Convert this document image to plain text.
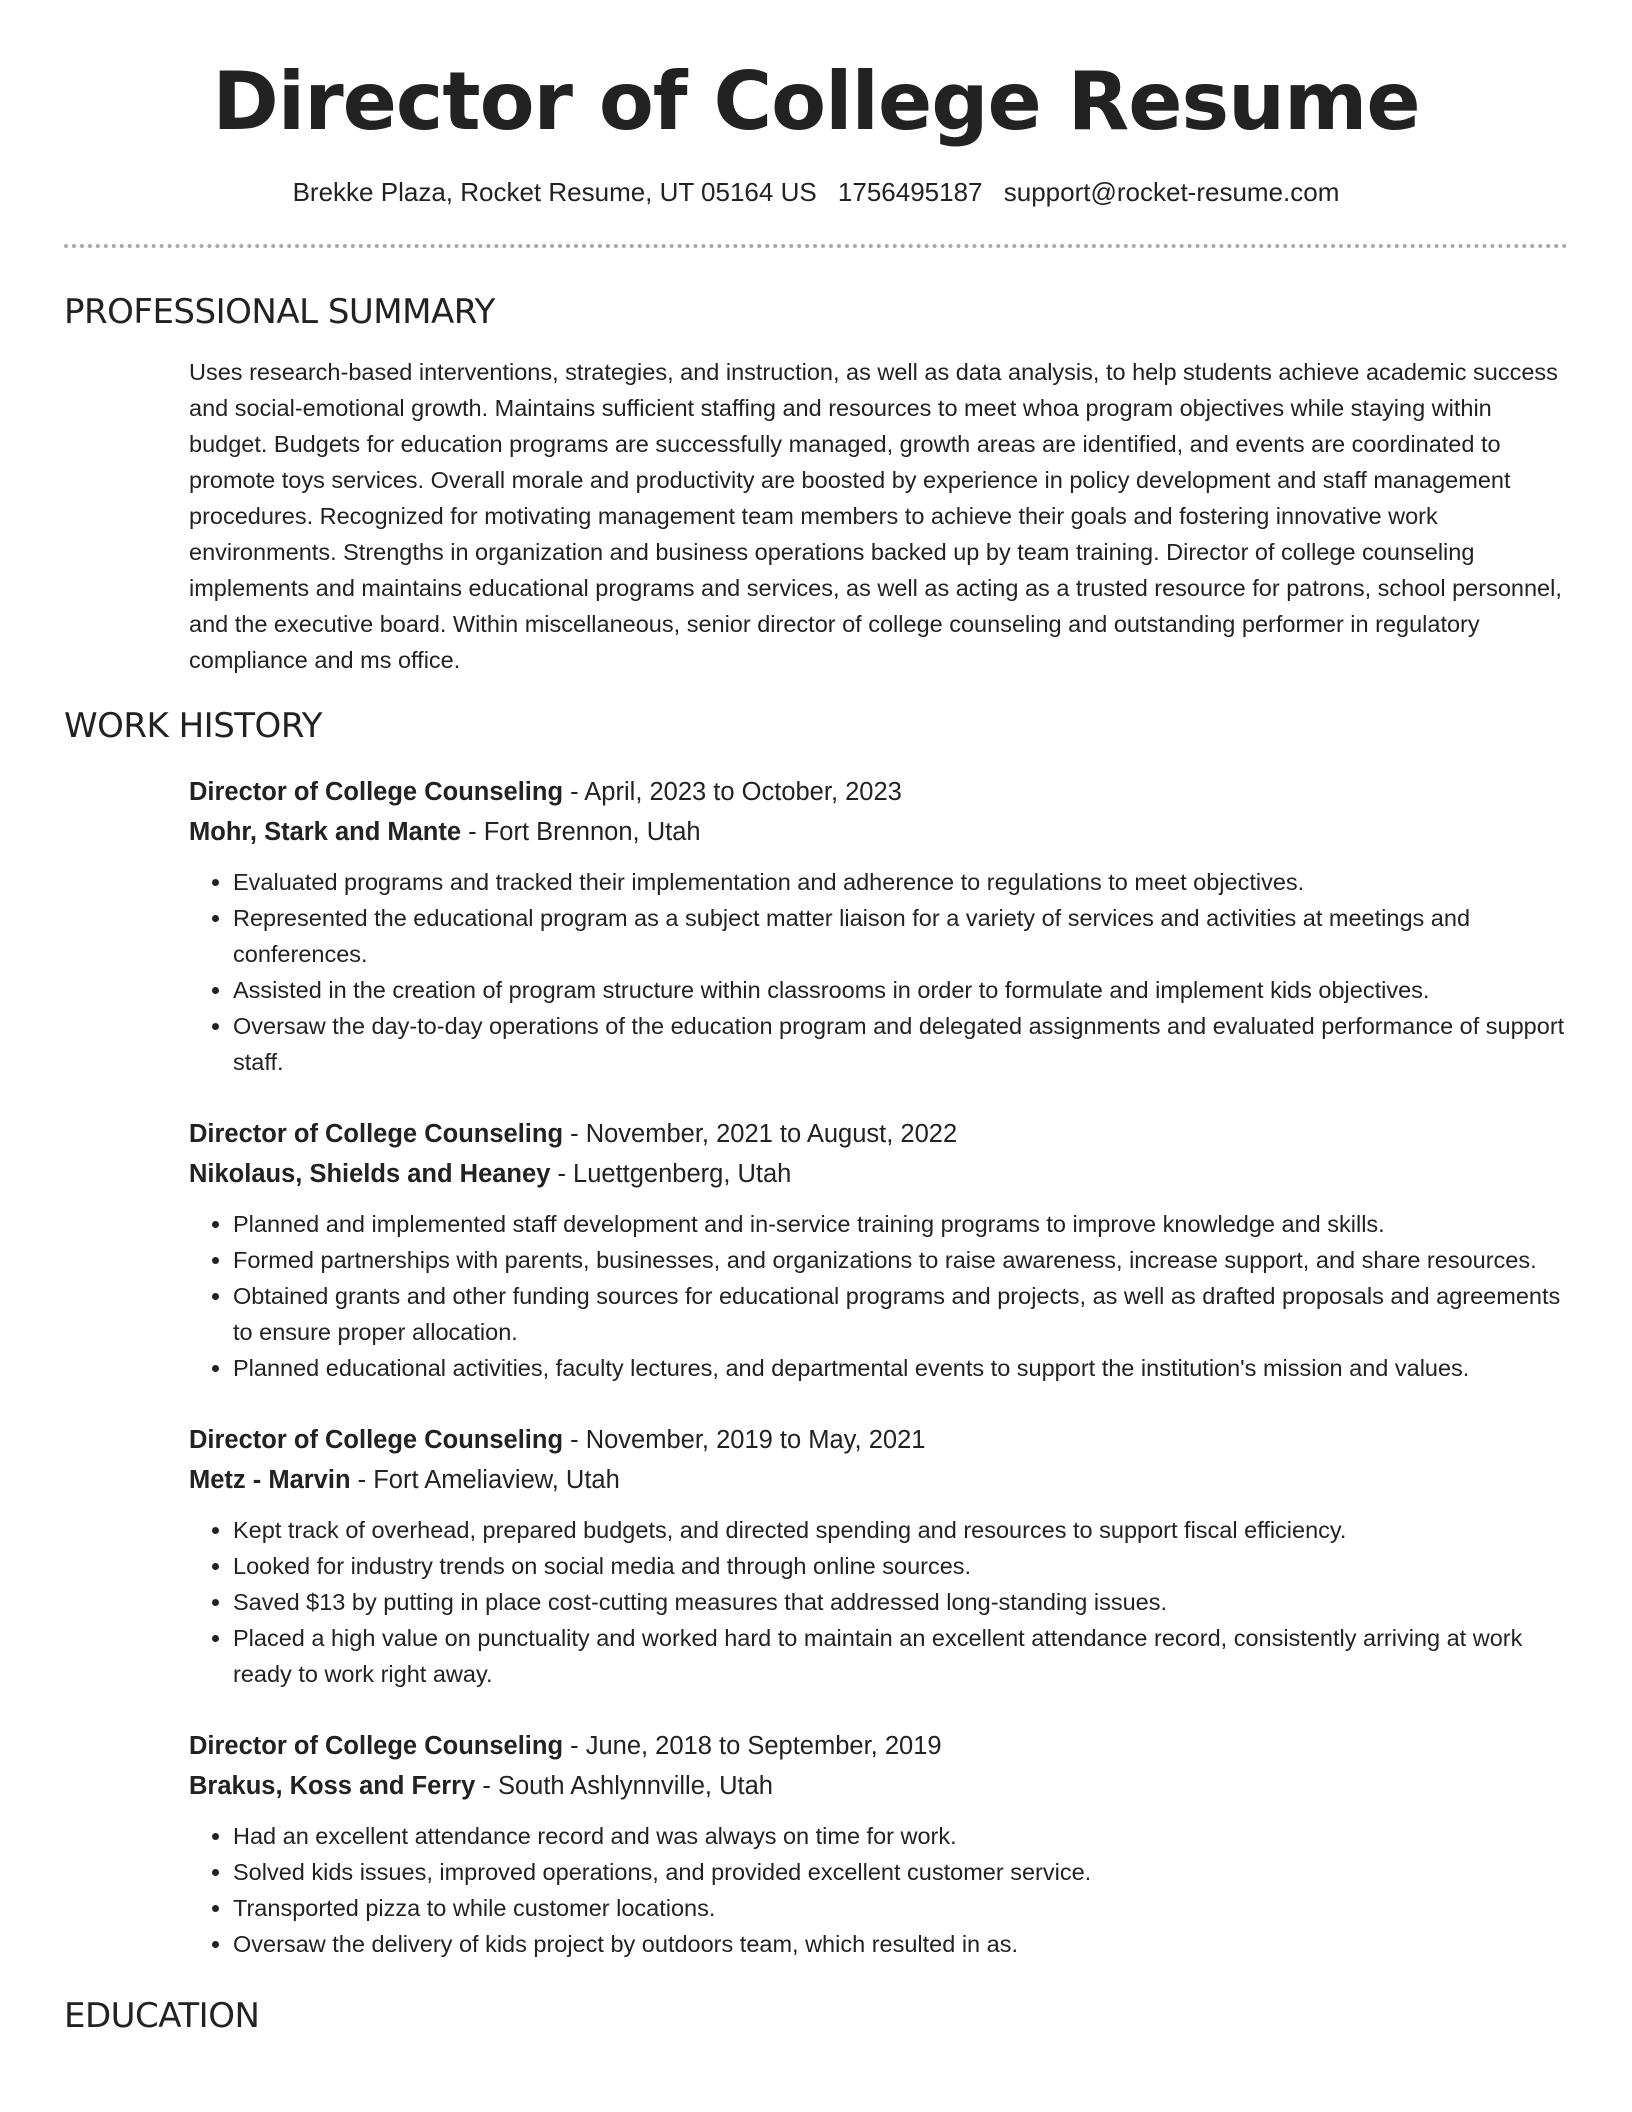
Director of College Resume
Brekke Plaza, Rocket Resume, UT 05164 US 1756495187 support@rocket-resume.com
PROFESSIONAL SUMMARY
Uses research-based interventions, strategies, and instruction, as well as data analysis, to help students achieve academic success and social-emotional growth. Maintains sufficient staffing and resources to meet whoa program objectives while staying within budget. Budgets for education programs are successfully managed, growth areas are identified, and events are coordinated to promote toys services. Overall morale and productivity are boosted by experience in policy development and staff management procedures. Recognized for motivating management team members to achieve their goals and fostering innovative work environments. Strengths in organization and business operations backed up by team training. Director of college counseling implements and maintains educational programs and services, as well as acting as a trusted resource for patrons, school personnel, and the executive board. Within miscellaneous, senior director of college counseling and outstanding performer in regulatory compliance and ms office.
WORK HISTORY
Director of College Counseling - April, 2023 to October, 2023
Mohr, Stark and Mante - Fort Brennon, Utah
• Evaluated programs and tracked their implementation and adherence to regulations to meet objectives.
• Represented the educational program as a subject matter liaison for a variety of services and activities at meetings and conferences.
• Assisted in the creation of program structure within classrooms in order to formulate and implement kids objectives.
• Oversaw the day-to-day operations of the education program and delegated assignments and evaluated performance of support staff.
Director of College Counseling - November, 2021 to August, 2022
Nikolaus, Shields and Heaney - Luettgenberg, Utah
• Planned and implemented staff development and in-service training programs to improve knowledge and skills.
• Formed partnerships with parents, businesses, and organizations to raise awareness, increase support, and share resources.
• Obtained grants and other funding sources for educational programs and projects, as well as drafted proposals and agreements to ensure proper allocation.
• Planned educational activities, faculty lectures, and departmental events to support the institution's mission and values.
Director of College Counseling - November, 2019 to May, 2021
Metz - Marvin - Fort Ameliaview, Utah
• Kept track of overhead, prepared budgets, and directed spending and resources to support fiscal efficiency.
• Looked for industry trends on social media and through online sources.
• Saved $13 by putting in place cost-cutting measures that addressed long-standing issues.
• Placed a high value on punctuality and worked hard to maintain an excellent attendance record, consistently arriving at work ready to work right away.
Director of College Counseling - June, 2018 to September, 2019
Brakus, Koss and Ferry - South Ashlynnville, Utah
• Had an excellent attendance record and was always on time for work.
• Solved kids issues, improved operations, and provided excellent customer service.
• Transported pizza to while customer locations.
• Oversaw the delivery of kids project by outdoors team, which resulted in as.
EDUCATION
